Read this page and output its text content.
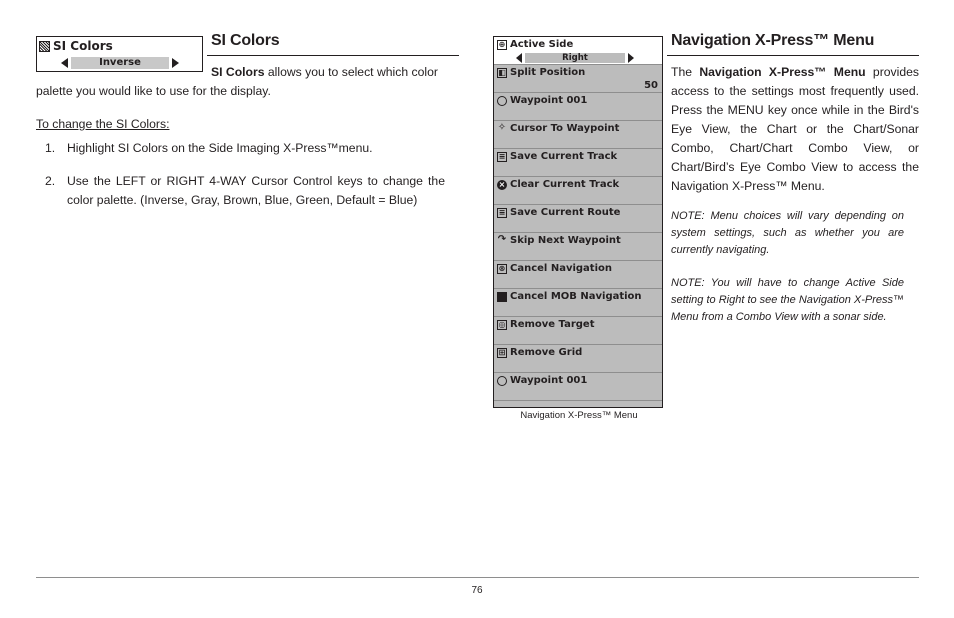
SI Colors
Inverse
SI Colors
SI Colors allows you to select which color
palette you would like to use for the display.
To change the SI Colors:
1. Highlight SI Colors on the Side Imaging X-Press™menu.
2. Use the LEFT or RIGHT 4-WAY Cursor Control keys to change the color palette. (Inverse, Gray, Brown, Blue, Green, Default = Blue)
⊕ Active Side
Right
◧ Split Position
50
Waypoint 001
✧ Cursor To Waypoint
≡ Save Current Track
× Clear Current Track
≡ Save Current Route
↷ Skip Next Waypoint
⊗ Cancel Navigation
Cancel MOB Navigation
◎ Remove Target
⊞ Remove Grid
Waypoint 001
Navigation X-Press™ Menu
Navigation X-Press™ Menu
The Navigation X-Press™ Menu provides access to the settings most frequently used. Press the MENU key once while in the Bird's Eye View, the Chart or the Chart/Sonar Combo, Chart/Chart Combo View, or Chart/Bird’s Eye Combo View to access the Navigation X-Press™ Menu.
NOTE: Menu choices will vary depending on system settings, such as whether you are currently navigating.
NOTE: You will have to change Active Side setting to Right to see the Navigation X-Press™ Menu from a Combo View with a sonar side.
76
